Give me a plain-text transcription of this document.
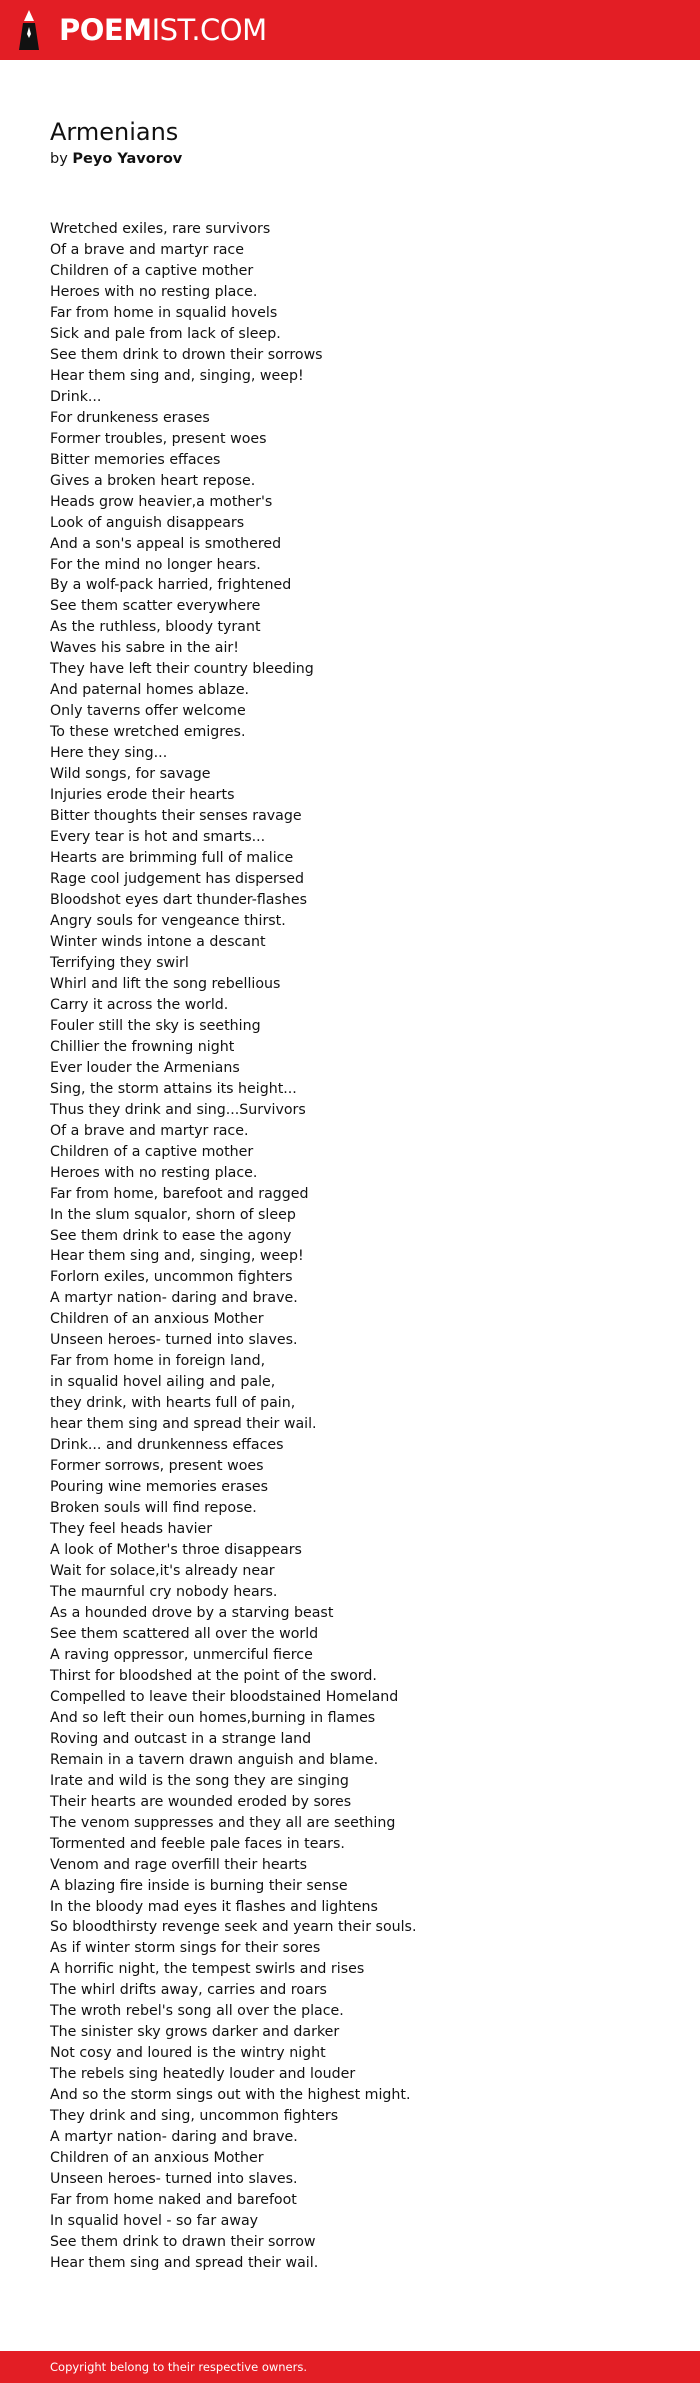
POEMIST.COM
Armenians
by Peyo Yavorov
Wretched exiles, rare survivors
Of a brave and martyr race
Children of a captive mother
Heroes with no resting place.
Far from home in squalid hovels
Sick and pale from lack of sleep.
See them drink to drown their sorrows
Hear them sing and, singing, weep!
Drink...
For drunkeness erases
Former troubles, present woes
Bitter memories effaces
Gives a broken heart repose.
Heads grow heavier,a mother's
Look of anguish disappears
And a son's appeal is smothered
For the mind no longer hears.
By a wolf-pack harried, frightened
See them scatter everywhere
As the ruthless, bloody tyrant
Waves his sabre in the air!
They have left their country bleeding
And paternal homes ablaze.
Only taverns offer welcome
To these wretched emigres.
Here they sing...
Wild songs, for savage
Injuries erode their hearts
Bitter thoughts their senses ravage
Every tear is hot and smarts...
Hearts are brimming full of malice
Rage cool judgement has dispersed
Bloodshot eyes dart thunder-flashes
Angry souls for vengeance thirst.
Winter winds intone a descant
Terrifying they swirl
Whirl and lift the song rebellious
Carry it across the world.
Fouler still the sky is seething
Chillier the frowning night
Ever louder the Armenians
Sing, the storm attains its height...
Thus they drink and sing...Survivors
Of a brave and martyr race.
Children of a captive mother
Heroes with no resting place.
Far from home, barefoot and ragged
In the slum squalor, shorn of sleep
See them drink to ease the agony
Hear them sing and, singing, weep!
Forlorn exiles, uncommon fighters
A martyr nation- daring and brave.
Children of an anxious Mother
Unseen heroes- turned into slaves.
Far from home in foreign land,
in squalid hovel ailing and pale,
they drink, with hearts full of pain,
hear them sing and spread their wail.
Drink... and drunkenness effaces
Former sorrows, present woes
Pouring wine memories erases
Broken souls will find repose.
They feel heads havier
A look of Mother's throe disappears
Wait for solace,it's already near
The maurnful cry nobody hears.
As a hounded drove by a starving beast
See them scattered all over the world
A raving oppressor, unmerciful fierce
Thirst for bloodshed at the point of the sword.
Compelled to leave their bloodstained Homeland
And so left their oun homes,burning in flames
Roving and outcast in a strange land
Remain in a tavern drawn anguish and blame.
Irate and wild is the song they are singing
Their hearts are wounded eroded by sores
The venom suppresses and they all are seething
Tormented and feeble pale faces in tears.
Venom and rage overfill their hearts
A blazing fire inside is burning their sense
In the bloody mad eyes it flashes and lightens
So bloodthirsty revenge seek and yearn their souls.
As if winter storm sings for their sores
A horrific night, the tempest swirls and rises
The whirl drifts away, carries and roars
The wroth rebel's song all over the place.
The sinister sky grows darker and darker
Not cosy and loured is the wintry night
The rebels sing heatedly louder and louder
And so the storm sings out with the highest might.
They drink and sing, uncommon fighters
A martyr nation- daring and brave.
Children of an anxious Mother
Unseen heroes- turned into slaves.
Far from home naked and barefoot
In squalid hovel - so far away
See them drink to drawn their sorrow
Hear them sing and spread their wail.
Copyright belong to their respective owners.
